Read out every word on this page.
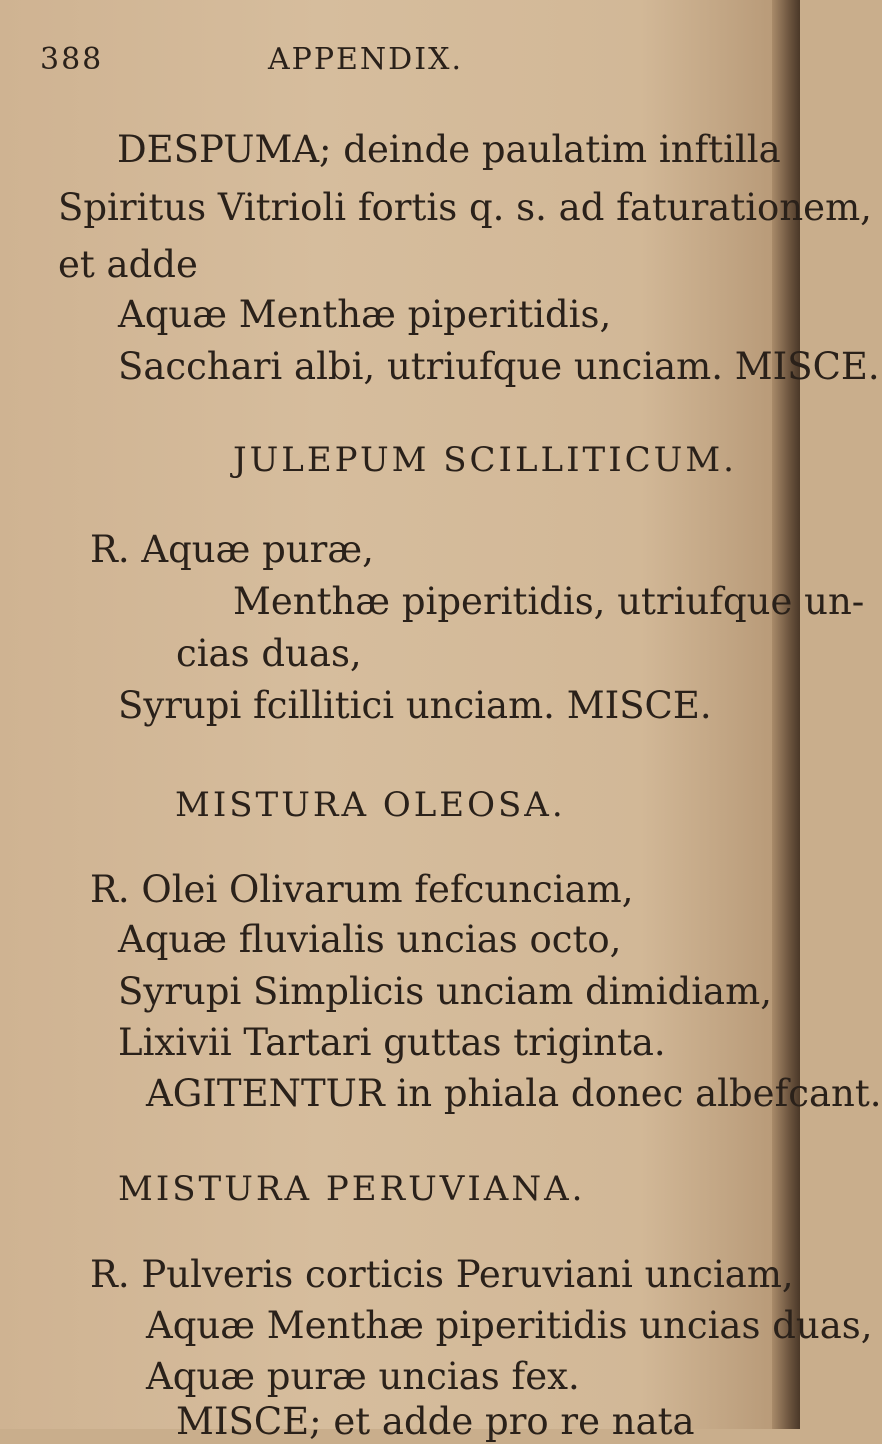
388	APPENDIX.
DESPUMA; deinde paulatim inftilla
Spiritus Vitrioli fortis q. s. ad faturationem,
et adde
Aquæ Menthæ piperitidis,
Sacchari albi, utriufque unciam. MISCE.
JULEPUM SCILLITICUM.
R. Aquæ puræ,
Menthæ piperitidis, utriufque un-
cias duas,
Syrupi fcillitici unciam. MISCE.
MISTURA OLEOSA.
R. Olei Olivarum fefcunciam,
Aquæ fluvialis uncias octo,
Syrupi Simplicis unciam dimidiam,
Lixivii Tartari guttas triginta.
AGITENTUR in phiala donec albefcant.
MISTURA PERUVIANA.
R. Pulveris corticis Peruviani unciam,
Aquæ Menthæ piperitidis uncias duas,
Aquæ puræ uncias fex.
MISCE; et adde pro re nata
